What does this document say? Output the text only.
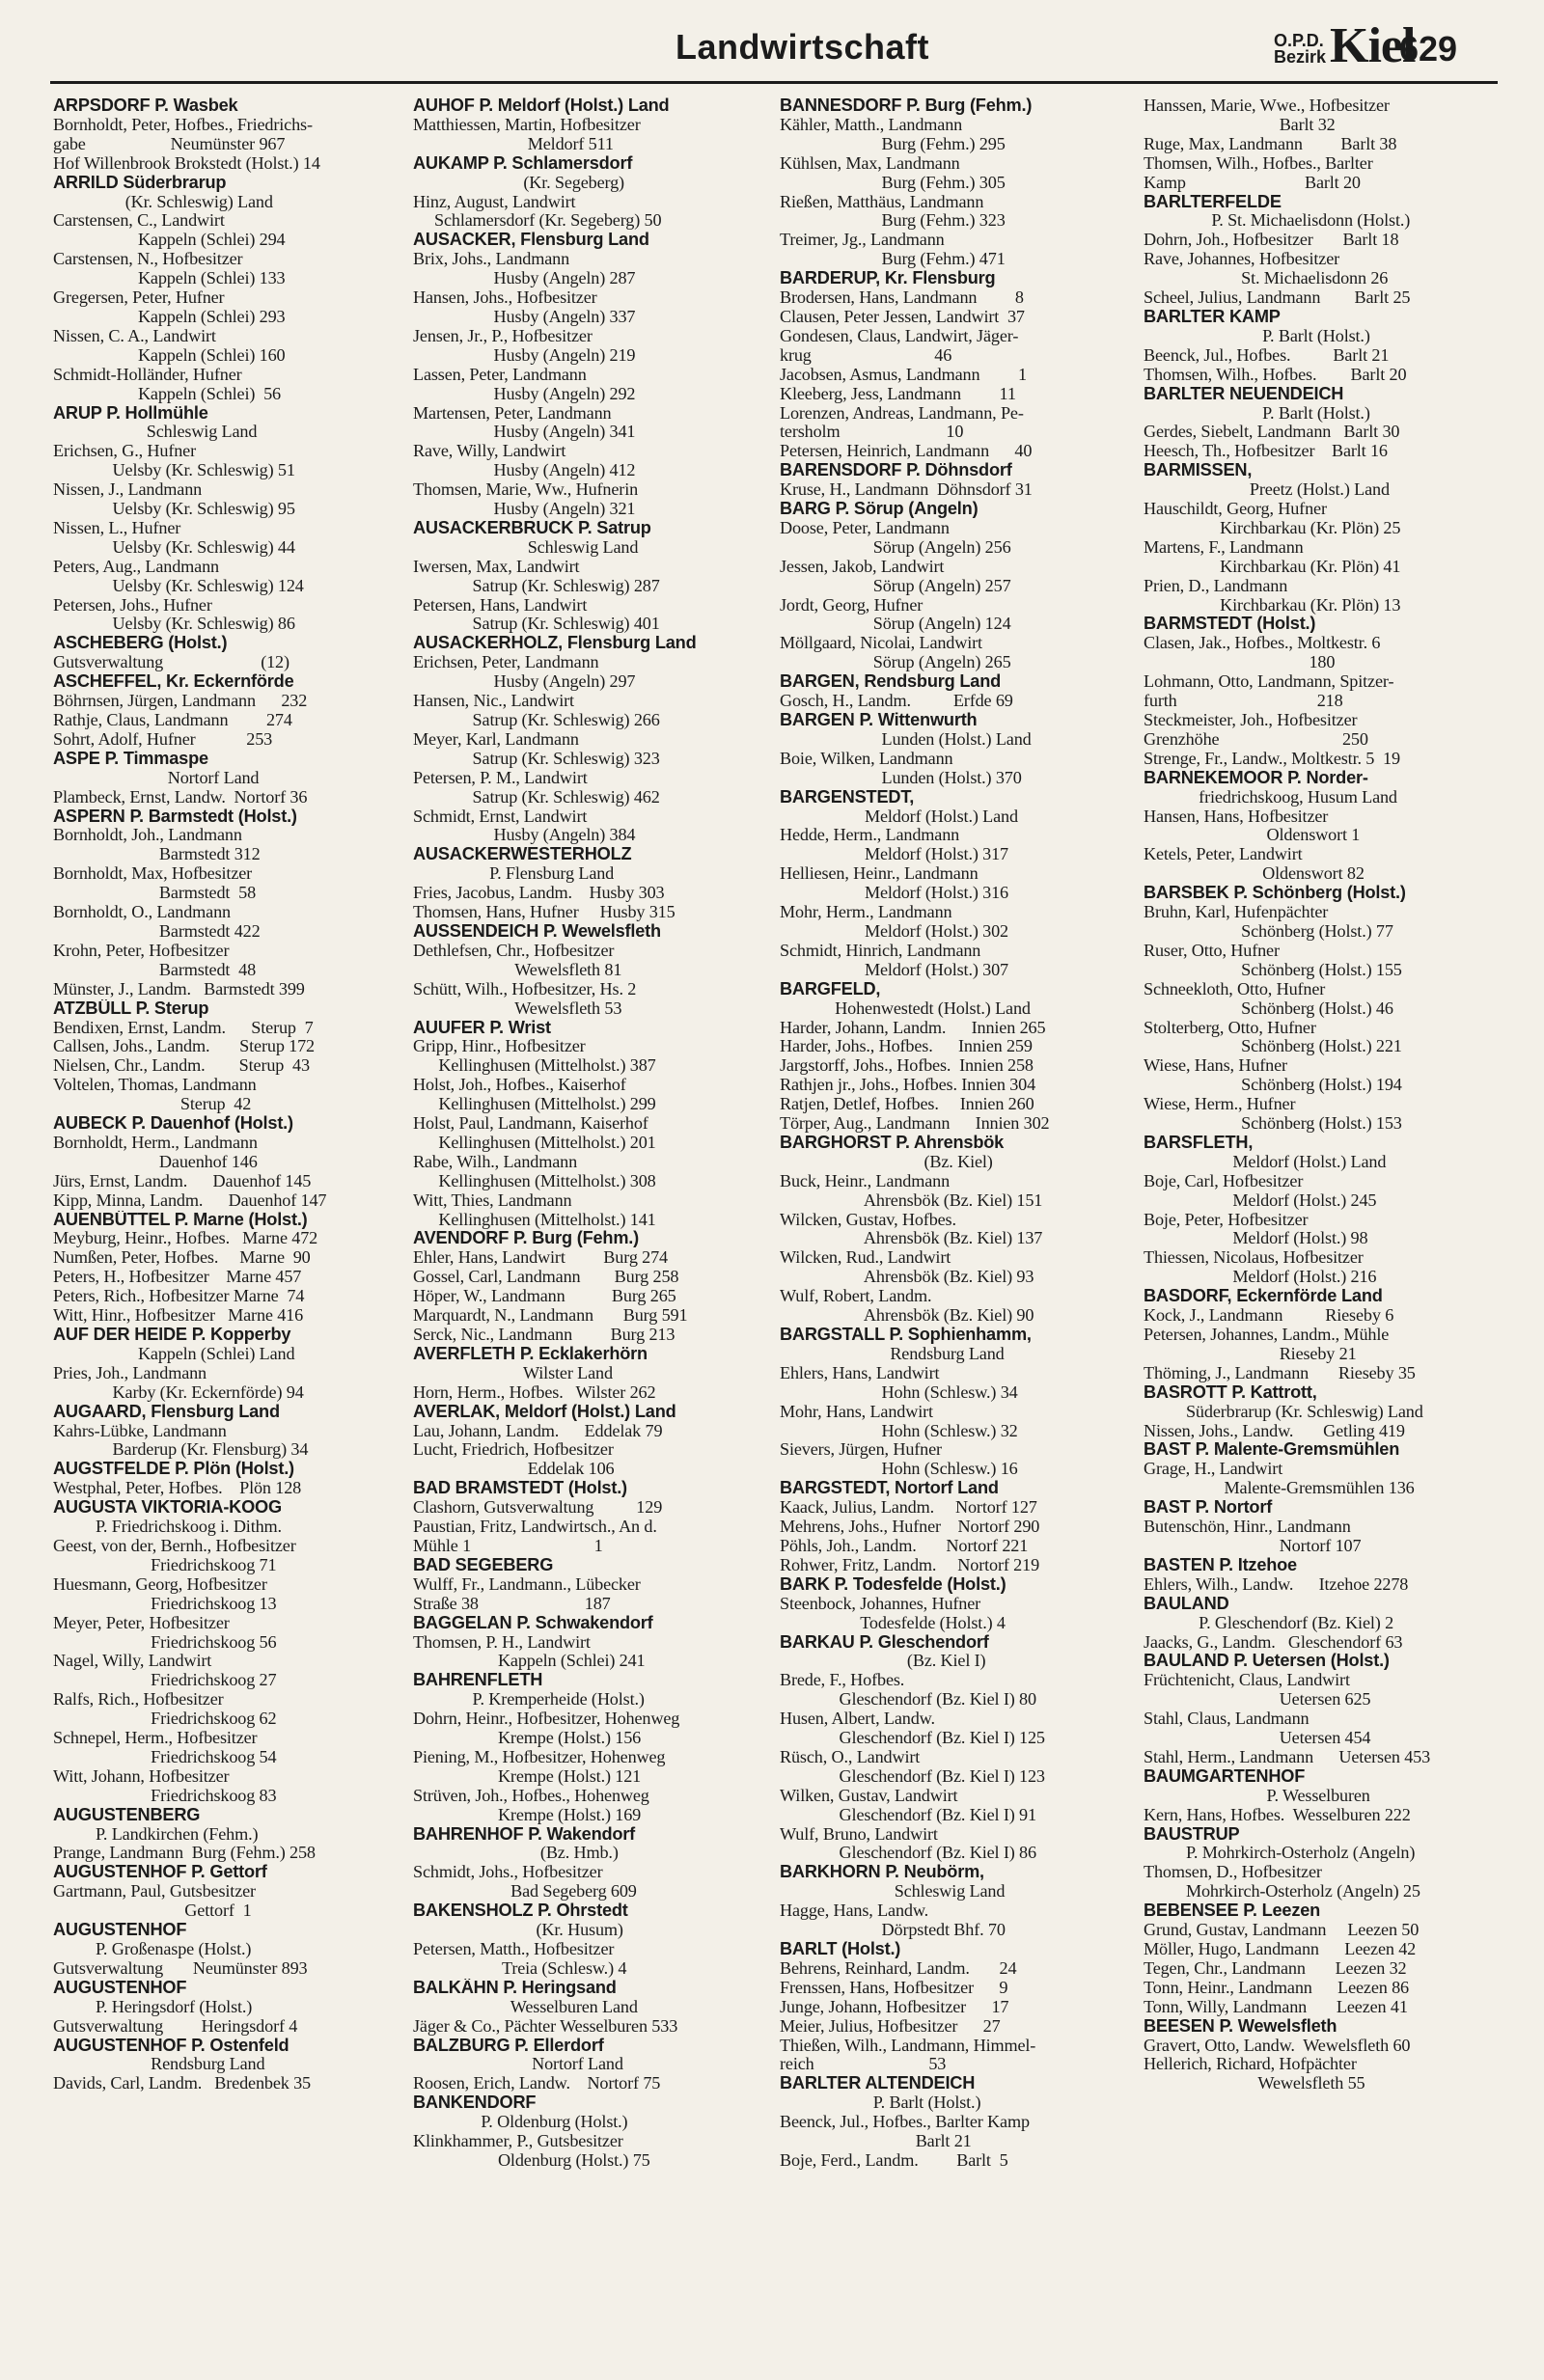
Landwirtschaft	O.P.D.
Bezirk Kiel
629
ARPSDORF P. Wasbek
Bornholdt, Peter, Hofbes., Friedrichs-
gabe                    Neumünster 967
Hof Willenbrook Brokstedt (Holst.) 14
ARRILD Süderbrarup
(Kr. Schleswig) Land
Carstensen, C., Landwirt
Kappeln (Schlei) 294
Carstensen, N., Hofbesitzer
Kappeln (Schlei) 133
Gregersen, Peter, Hufner
Kappeln (Schlei) 293
Nissen, C. A., Landwirt
Kappeln (Schlei) 160
Schmidt-Holländer, Hufner
Kappeln (Schlei)  56
ARUP P. Hollmühle
Schleswig Land
Erichsen, G., Hufner
Uelsby (Kr. Schleswig) 51
Nissen, J., Landmann
Uelsby (Kr. Schleswig) 95
Nissen, L., Hufner
Uelsby (Kr. Schleswig) 44
Peters, Aug., Landmann
Uelsby (Kr. Schleswig) 124
Petersen, Johs., Hufner
Uelsby (Kr. Schleswig) 86
ASCHEBERG (Holst.)
Gutsverwaltung                       (12)
ASCHEFFEL, Kr. Eckernförde
Böhrnsen, Jürgen, Landmann      232
Rathje, Claus, Landmann         274
Sohrt, Adolf, Hufner            253
ASPE P. Timmaspe
Nortorf Land
Plambeck, Ernst, Landw.  Nortorf 36
ASPERN P. Barmstedt (Holst.)
Bornholdt, Joh., Landmann
Barmstedt 312
Bornholdt, Max, Hofbesitzer
Barmstedt  58
Bornholdt, O., Landmann
Barmstedt 422
Krohn, Peter, Hofbesitzer
Barmstedt  48
Münster, J., Landm.   Barmstedt 399
ATZBÜLL P. Sterup
Bendixen, Ernst, Landm.      Sterup  7
Callsen, Johs., Landm.       Sterup 172
Nielsen, Chr., Landm.        Sterup  43
Voltelen, Thomas, Landmann
Sterup  42
AUBECK P. Dauenhof (Holst.)
Bornholdt, Herm., Landmann
Dauenhof 146
Jürs, Ernst, Landm.      Dauenhof 145
Kipp, Minna, Landm.      Dauenhof 147
AUENBÜTTEL P. Marne (Holst.)
Meyburg, Heinr., Hofbes.   Marne 472
Numßen, Peter, Hofbes.     Marne  90
Peters, H., Hofbesitzer    Marne 457
Peters, Rich., Hofbesitzer Marne  74
Witt, Hinr., Hofbesitzer   Marne 416
AUF DER HEIDE P. Kopperby
Kappeln (Schlei) Land
Pries, Joh., Landmann
Karby (Kr. Eckernförde) 94
AUGAARD, Flensburg Land
Kahrs-Lübke, Landmann
Barderup (Kr. Flensburg) 34
AUGSTFELDE P. Plön (Holst.)
Westphal, Peter, Hofbes.    Plön 128
AUGUSTA VIKTORIA-KOOG
P. Friedrichskoog i. Dithm.
Geest, von der, Bernh., Hofbesitzer
Friedrichskoog 71
Huesmann, Georg, Hofbesitzer
Friedrichskoog 13
Meyer, Peter, Hofbesitzer
Friedrichskoog 56
Nagel, Willy, Landwirt
Friedrichskoog 27
Ralfs, Rich., Hofbesitzer
Friedrichskoog 62
Schnepel, Herm., Hofbesitzer
Friedrichskoog 54
Witt, Johann, Hofbesitzer
Friedrichskoog 83
AUGUSTENBERG
P. Landkirchen (Fehm.)
Prange, Landmann  Burg (Fehm.) 258
AUGUSTENHOF P. Gettorf
Gartmann, Paul, Gutsbesitzer
Gettorf  1
AUGUSTENHOF
P. Großenaspe (Holst.)
Gutsverwaltung       Neumünster 893
AUGUSTENHOF
P. Heringsdorf (Holst.)
Gutsverwaltung         Heringsdorf 4
AUGUSTENHOF P. Ostenfeld
Rendsburg Land
Davids, Carl, Landm.   Bredenbek 35
AUHOF P. Meldorf (Holst.) Land
Matthiessen, Martin, Hofbesitzer
Meldorf 511
AUKAMP P. Schlamersdorf
(Kr. Segeberg)
Hinz, August, Landwirt
Schlamersdorf (Kr. Segeberg) 50
AUSACKER, Flensburg Land
Brix, Johs., Landmann
Husby (Angeln) 287
Hansen, Johs., Hofbesitzer
Husby (Angeln) 337
Jensen, Jr., P., Hofbesitzer
Husby (Angeln) 219
Lassen, Peter, Landmann
Husby (Angeln) 292
Martensen, Peter, Landmann
Husby (Angeln) 341
Rave, Willy, Landwirt
Husby (Angeln) 412
Thomsen, Marie, Ww., Hufnerin
Husby (Angeln) 321
AUSACKERBRUCK P. Satrup
Schleswig Land
Iwersen, Max, Landwirt
Satrup (Kr. Schleswig) 287
Petersen, Hans, Landwirt
Satrup (Kr. Schleswig) 401
AUSACKERHOLZ, Flensburg Land
Erichsen, Peter, Landmann
Husby (Angeln) 297
Hansen, Nic., Landwirt
Satrup (Kr. Schleswig) 266
Meyer, Karl, Landmann
Satrup (Kr. Schleswig) 323
Petersen, P. M., Landwirt
Satrup (Kr. Schleswig) 462
Schmidt, Ernst, Landwirt
Husby (Angeln) 384
AUSACKERWESTERHOLZ
P. Flensburg Land
Fries, Jacobus, Landm.    Husby 303
Thomsen, Hans, Hufner     Husby 315
AUSSENDEICH P. Wewelsfleth
Dethlefsen, Chr., Hofbesitzer
Wewelsfleth 81
Schütt, Wilh., Hofbesitzer, Hs. 2
Wewelsfleth 53
AUUFER P. Wrist
Gripp, Hinr., Hofbesitzer
Kellinghusen (Mittelholst.) 387
Holst, Joh., Hofbes., Kaiserhof
Kellinghusen (Mittelholst.) 299
Holst, Paul, Landmann, Kaiserhof
Kellinghusen (Mittelholst.) 201
Rabe, Wilh., Landmann
Kellinghusen (Mittelholst.) 308
Witt, Thies, Landmann
Kellinghusen (Mittelholst.) 141
AVENDORF P. Burg (Fehm.)
Ehler, Hans, Landwirt         Burg 274
Gossel, Carl, Landmann        Burg 258
Höper, W., Landmann           Burg 265
Marquardt, N., Landmann       Burg 591
Serck, Nic., Landmann         Burg 213
AVERFLETH P. Ecklakerhörn
Wilster Land
Horn, Herm., Hofbes.   Wilster 262
AVERLAK, Meldorf (Holst.) Land
Lau, Johann, Landm.      Eddelak 79
Lucht, Friedrich, Hofbesitzer
Eddelak 106
BAD BRAMSTEDT (Holst.)
Clashorn, Gutsverwaltung          129
Paustian, Fritz, Landwirtsch., An d.
Mühle 1                             1
BAD SEGEBERG
Wulff, Fr., Landmann., Lübecker
Straße 38                         187
BAGGELAN P. Schwakendorf
Thomsen, P. H., Landwirt
Kappeln (Schlei) 241
BAHRENFLETH
P. Kremperheide (Holst.)
Dohrn, Heinr., Hofbesitzer, Hohenweg
Krempe (Holst.) 156
Piening, M., Hofbesitzer, Hohenweg
Krempe (Holst.) 121
Strüven, Joh., Hofbes., Hohenweg
Krempe (Holst.) 169
BAHRENHOF P. Wakendorf
(Bz. Hmb.)
Schmidt, Johs., Hofbesitzer
Bad Segeberg 609
BAKENSHOLZ P. Ohrstedt
(Kr. Husum)
Petersen, Matth., Hofbesitzer
Treia (Schlesw.) 4
BALKÄHN P. Heringsand
Wesselburen Land
Jäger & Co., Pächter Wesselburen 533
BALZBURG P. Ellerdorf
Nortorf Land
Roosen, Erich, Landw.    Nortorf 75
BANKENDORF
P. Oldenburg (Holst.)
Klinkhammer, P., Gutsbesitzer
Oldenburg (Holst.) 75
BANNESDORF P. Burg (Fehm.)
Kähler, Matth., Landmann
Burg (Fehm.) 295
Kühlsen, Max, Landmann
Burg (Fehm.) 305
Rießen, Matthäus, Landmann
Burg (Fehm.) 323
Treimer, Jg., Landmann
Burg (Fehm.) 471
BARDERUP, Kr. Flensburg
Brodersen, Hans, Landmann         8
Clausen, Peter Jessen, Landwirt  37
Gondesen, Claus, Landwirt, Jäger-
krug                             46
Jacobsen, Asmus, Landmann         1
Kleeberg, Jess, Landmann         11
Lorenzen, Andreas, Landmann, Pe-
tersholm                         10
Petersen, Heinrich, Landmann      40
BARENSDORF P. Döhnsdorf
Kruse, H., Landmann  Döhnsdorf 31
BARG P. Sörup (Angeln)
Doose, Peter, Landmann
Sörup (Angeln) 256
Jessen, Jakob, Landwirt
Sörup (Angeln) 257
Jordt, Georg, Hufner
Sörup (Angeln) 124
Möllgaard, Nicolai, Landwirt
Sörup (Angeln) 265
BARGEN, Rendsburg Land
Gosch, H., Landm.          Erfde 69
BARGEN P. Wittenwurth
Lunden (Holst.) Land
Boie, Wilken, Landmann
Lunden (Holst.) 370
BARGENSTEDT,
Meldorf (Holst.) Land
Hedde, Herm., Landmann
Meldorf (Holst.) 317
Helliesen, Heinr., Landmann
Meldorf (Holst.) 316
Mohr, Herm., Landmann
Meldorf (Holst.) 302
Schmidt, Hinrich, Landmann
Meldorf (Holst.) 307
BARGFELD,
Hohenwestedt (Holst.) Land
Harder, Johann, Landm.      Innien 265
Harder, Johs., Hofbes.      Innien 259
Jargstorff, Johs., Hofbes.  Innien 258
Rathjen jr., Johs., Hofbes. Innien 304
Ratjen, Detlef, Hofbes.     Innien 260
Törper, Aug., Landmann      Innien 302
BARGHORST P. Ahrensbök
(Bz. Kiel)
Buck, Heinr., Landmann
Ahrensbök (Bz. Kiel) 151
Wilcken, Gustav, Hofbes.
Ahrensbök (Bz. Kiel) 137
Wilcken, Rud., Landwirt
Ahrensbök (Bz. Kiel) 93
Wulf, Robert, Landm.
Ahrensbök (Bz. Kiel) 90
BARGSTALL P. Sophienhamm,
Rendsburg Land
Ehlers, Hans, Landwirt
Hohn (Schlesw.) 34
Mohr, Hans, Landwirt
Hohn (Schlesw.) 32
Sievers, Jürgen, Hufner
Hohn (Schlesw.) 16
BARGSTEDT, Nortorf Land
Kaack, Julius, Landm.     Nortorf 127
Mehrens, Johs., Hufner    Nortorf 290
Pöhls, Joh., Landm.       Nortorf 221
Rohwer, Fritz, Landm.     Nortorf 219
BARK P. Todesfelde (Holst.)
Steenbock, Johannes, Hufner
Todesfelde (Holst.) 4
BARKAU P. Gleschendorf
(Bz. Kiel I)
Brede, F., Hofbes.
Gleschendorf (Bz. Kiel I) 80
Husen, Albert, Landw.
Gleschendorf (Bz. Kiel I) 125
Rüsch, O., Landwirt
Gleschendorf (Bz. Kiel I) 123
Wilken, Gustav, Landwirt
Gleschendorf (Bz. Kiel I) 91
Wulf, Bruno, Landwirt
Gleschendorf (Bz. Kiel I) 86
BARKHORN P. Neubörm,
Schleswig Land
Hagge, Hans, Landw.
Dörpstedt Bhf. 70
BARLT (Holst.)
Behrens, Reinhard, Landm.       24
Frenssen, Hans, Hofbesitzer      9
Junge, Johann, Hofbesitzer      17
Meier, Julius, Hofbesitzer      27
Thießen, Wilh., Landmann, Himmel-
reich                           53
BARLTER ALTENDEICH
P. Barlt (Holst.)
Beenck, Jul., Hofbes., Barlter Kamp
Barlt 21
Boje, Ferd., Landm.         Barlt  5
Hanssen, Marie, Wwe., Hofbesitzer
Barlt 32
Ruge, Max, Landmann         Barlt 38
Thomsen, Wilh., Hofbes., Barlter
Kamp                            Barlt 20
BARLTERFELDE
P. St. Michaelisdonn (Holst.)
Dohrn, Joh., Hofbesitzer       Barlt 18
Rave, Johannes, Hofbesitzer
St. Michaelisdonn 26
Scheel, Julius, Landmann        Barlt 25
BARLTER KAMP
P. Barlt (Holst.)
Beenck, Jul., Hofbes.          Barlt 21
Thomsen, Wilh., Hofbes.        Barlt 20
BARLTER NEUENDEICH
P. Barlt (Holst.)
Gerdes, Siebelt, Landmann   Barlt 30
Heesch, Th., Hofbesitzer    Barlt 16
BARMISSEN,
Preetz (Holst.) Land
Hauschildt, Georg, Hufner
Kirchbarkau (Kr. Plön) 25
Martens, F., Landmann
Kirchbarkau (Kr. Plön) 41
Prien, D., Landmann
Kirchbarkau (Kr. Plön) 13
BARMSTEDT (Holst.)
Clasen, Jak., Hofbes., Moltkestr. 6
180
Lohmann, Otto, Landmann, Spitzer-
furth                                 218
Steckmeister, Joh., Hofbesitzer
Grenzhöhe                             250
Strenge, Fr., Landw., Moltkestr. 5  19
BARNEKEMOOR P. Norder-
friedrichskoog, Husum Land
Hansen, Hans, Hofbesitzer
Oldenswort 1
Ketels, Peter, Landwirt
Oldenswort 82
BARSBEK P. Schönberg (Holst.)
Bruhn, Karl, Hufenpächter
Schönberg (Holst.) 77
Ruser, Otto, Hufner
Schönberg (Holst.) 155
Schneekloth, Otto, Hufner
Schönberg (Holst.) 46
Stolterberg, Otto, Hufner
Schönberg (Holst.) 221
Wiese, Hans, Hufner
Schönberg (Holst.) 194
Wiese, Herm., Hufner
Schönberg (Holst.) 153
BARSFLETH,
Meldorf (Holst.) Land
Boje, Carl, Hofbesitzer
Meldorf (Holst.) 245
Boje, Peter, Hofbesitzer
Meldorf (Holst.) 98
Thiessen, Nicolaus, Hofbesitzer
Meldorf (Holst.) 216
BASDORF, Eckernförde Land
Kock, J., Landmann          Rieseby 6
Petersen, Johannes, Landm., Mühle
Rieseby 21
Thöming, J., Landmann       Rieseby 35
BASROTT P. Kattrott,
Süderbrarup (Kr. Schleswig) Land
Nissen, Johs., Landw.       Getling 419
BAST P. Malente-Gremsmühlen
Grage, H., Landwirt
Malente-Gremsmühlen 136
BAST P. Nortorf
Butenschön, Hinr., Landmann
Nortorf 107
BASTEN P. Itzehoe
Ehlers, Wilh., Landw.      Itzehoe 2278
BAULAND
P. Gleschendorf (Bz. Kiel) 2
Jaacks, G., Landm.   Gleschendorf 63
BAULAND P. Uetersen (Holst.)
Früchtenicht, Claus, Landwirt
Uetersen 625
Stahl, Claus, Landmann
Uetersen 454
Stahl, Herm., Landmann      Uetersen 453
BAUMGARTENHOF
P. Wesselburen
Kern, Hans, Hofbes.  Wesselburen 222
BAUSTRUP
P. Mohrkirch-Osterholz (Angeln)
Thomsen, D., Hofbesitzer
Mohrkirch-Osterholz (Angeln) 25
BEBENSEE P. Leezen
Grund, Gustav, Landmann     Leezen 50
Möller, Hugo, Landmann      Leezen 42
Tegen, Chr., Landmann       Leezen 32
Tonn, Heinr., Landmann      Leezen 86
Tonn, Willy, Landmann       Leezen 41
BEESEN P. Wewelsfleth
Gravert, Otto, Landw.  Wewelsfleth 60
Hellerich, Richard, Hofpächter
Wewelsfleth 55
